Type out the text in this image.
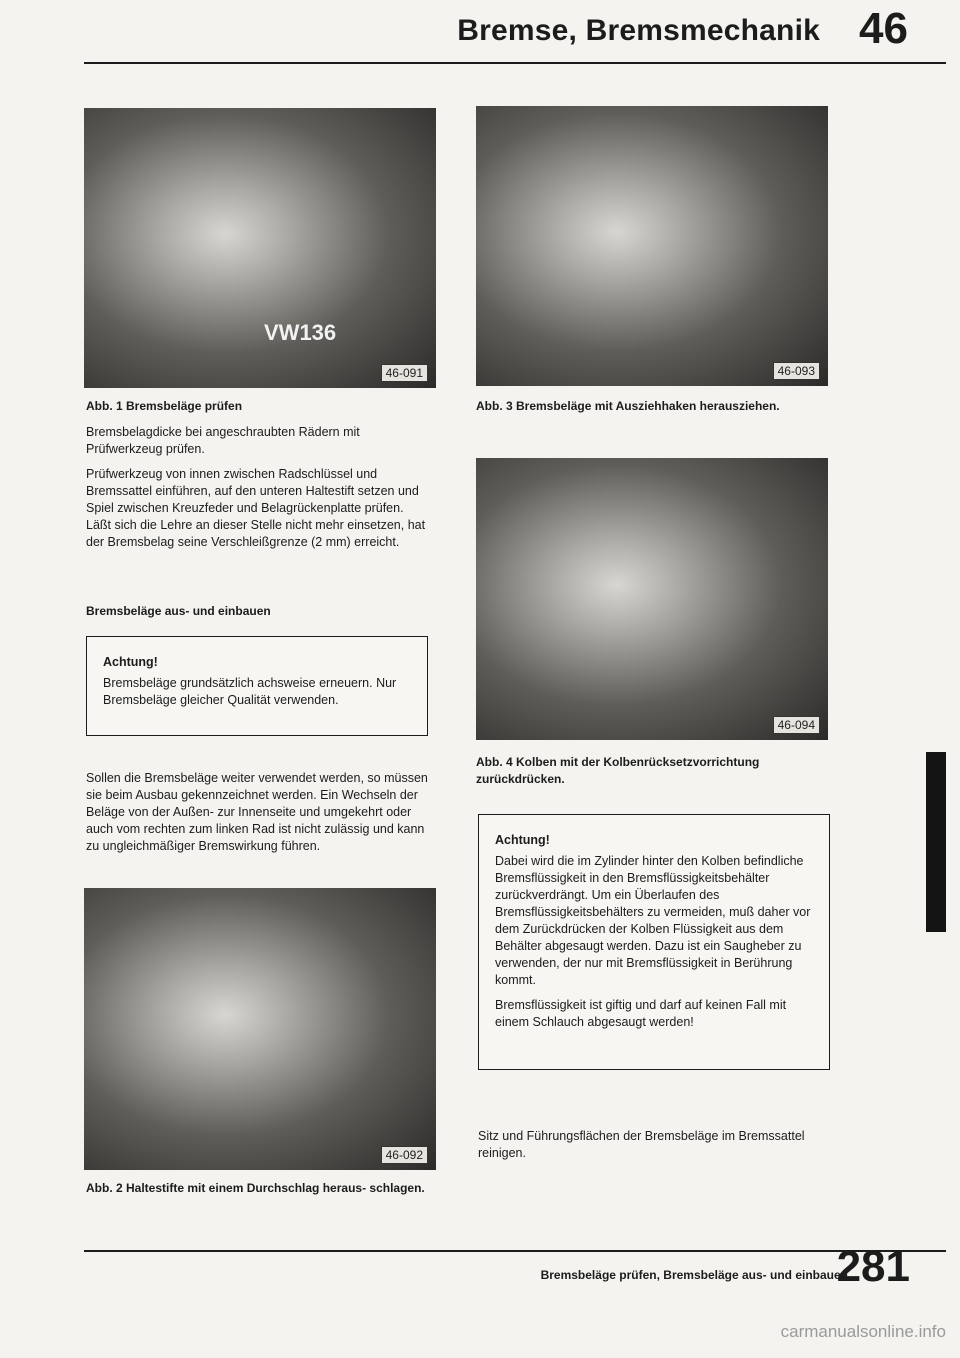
Bremse, Bremsmechanik 46
VW136
46-091
Abb. 1 Bremsbeläge prüfen

Bremsbelagdicke bei angeschraubten Rädern mit Prüfwerkzeug prüfen.

Prüfwerkzeug von innen zwischen Radschlüssel und Bremssattel einführen, auf den unteren Haltestift setzen und Spiel zwischen Kreuzfeder und Belagrückenplatte prüfen. Läßt sich die Lehre an dieser Stelle nicht mehr einsetzen, hat der Bremsbelag seine Verschleißgrenze (2 mm) erreicht.

Bremsbeläge aus- und einbauen
Achtung!
Bremsbeläge grundsätzlich achsweise erneuern. Nur Bremsbeläge gleicher Qualität verwenden.

Sollen die Bremsbeläge weiter verwendet werden, so müssen sie beim Ausbau gekennzeichnet werden. Ein Wechseln der Beläge von der Außen- zur Innenseite und umgekehrt oder auch vom rechten zum linken Rad ist nicht zulässig und kann zu ungleichmäßiger Bremswirkung führen.

46-092
Abb. 2 Haltestifte mit einem Durchschlag heraus- schlagen.
46-093
Abb. 3 Bremsbeläge mit Ausziehhaken herausziehen.
46-094
Abb. 4 Kolben mit der Kolbenrücksetzvorrichtung zurückdrücken.
Achtung!
Dabei wird die im Zylinder hinter den Kolben befindliche Bremsflüssigkeit in den Bremsflüssigkeitsbehälter zurückverdrängt. Um ein Überlaufen des Bremsflüssigkeitsbehälters zu vermeiden, muß daher vor dem Zurückdrücken der Kolben Flüssigkeit aus dem Behälter abgesaugt werden. Dazu ist ein Saugheber zu verwenden, der nur mit Bremsflüssigkeit in Berührung kommt.
Bremsflüssigkeit ist giftig und darf auf keinen Fall mit einem Schlauch abgesaugt werden!

Sitz und Führungsflächen der Bremsbeläge im Bremssattel reinigen.

Bremsbeläge prüfen, Bremsbeläge aus- und einbauen
281
carmanualsonline.info
